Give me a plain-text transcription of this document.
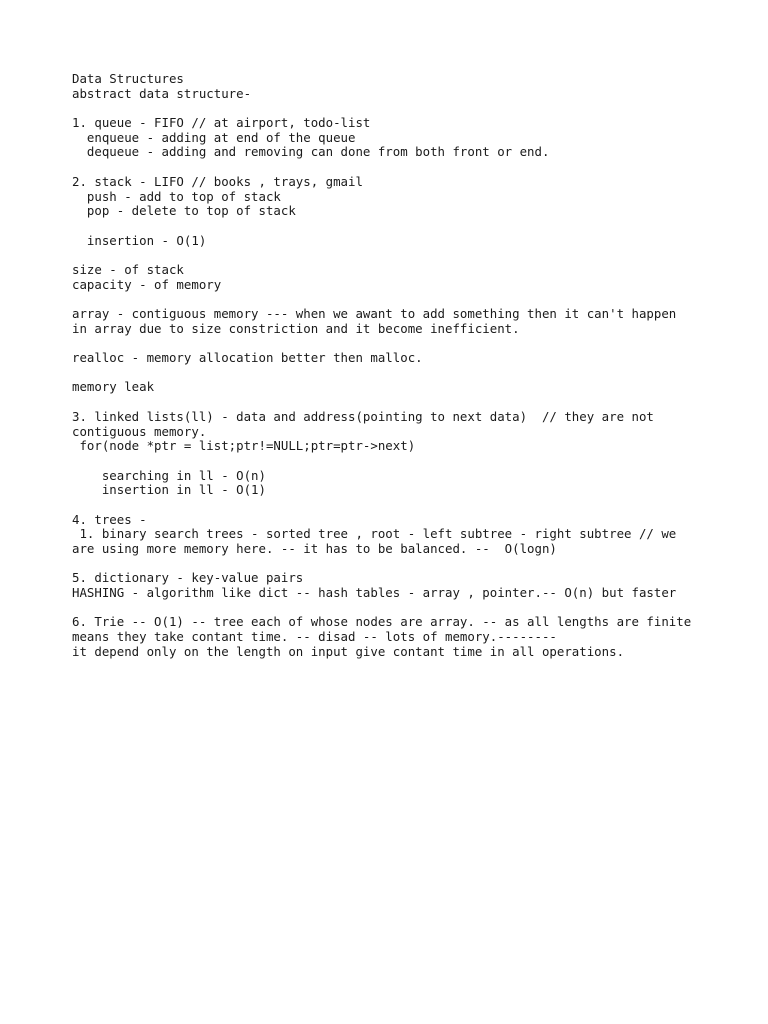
Data Structures
abstract data structure-
1. queue - FIFO // at airport, todo-list
enqueue - adding at end of the queue
dequeue - adding and removing can done from both front or end.
2. stack - LIFO // books , trays, gmail
push - add to top of stack
pop - delete to top of stack
insertion - O(1)
size - of stack
capacity - of memory
array - contiguous memory --- when we awant to add something then it can't happen
in array due to size constriction and it become inefficient.
realloc - memory allocation better then malloc.
memory leak
3. linked lists(ll) - data and address(pointing to next data)  // they are not
contiguous memory.
for(node *ptr = list;ptr!=NULL;ptr=ptr->next)
searching in ll - O(n)
insertion in ll - O(1)
4. trees -
1. binary search trees - sorted tree , root - left subtree - right subtree // we
are using more memory here. -- it has to be balanced. --  O(logn)
5. dictionary - key-value pairs
HASHING - algorithm like dict -- hash tables - array , pointer.-- O(n) but faster
6. Trie -- O(1) -- tree each of whose nodes are array. -- as all lengths are finite
means they take contant time. -- disad -- lots of memory.--------
it depend only on the length on input give contant time in all operations.
